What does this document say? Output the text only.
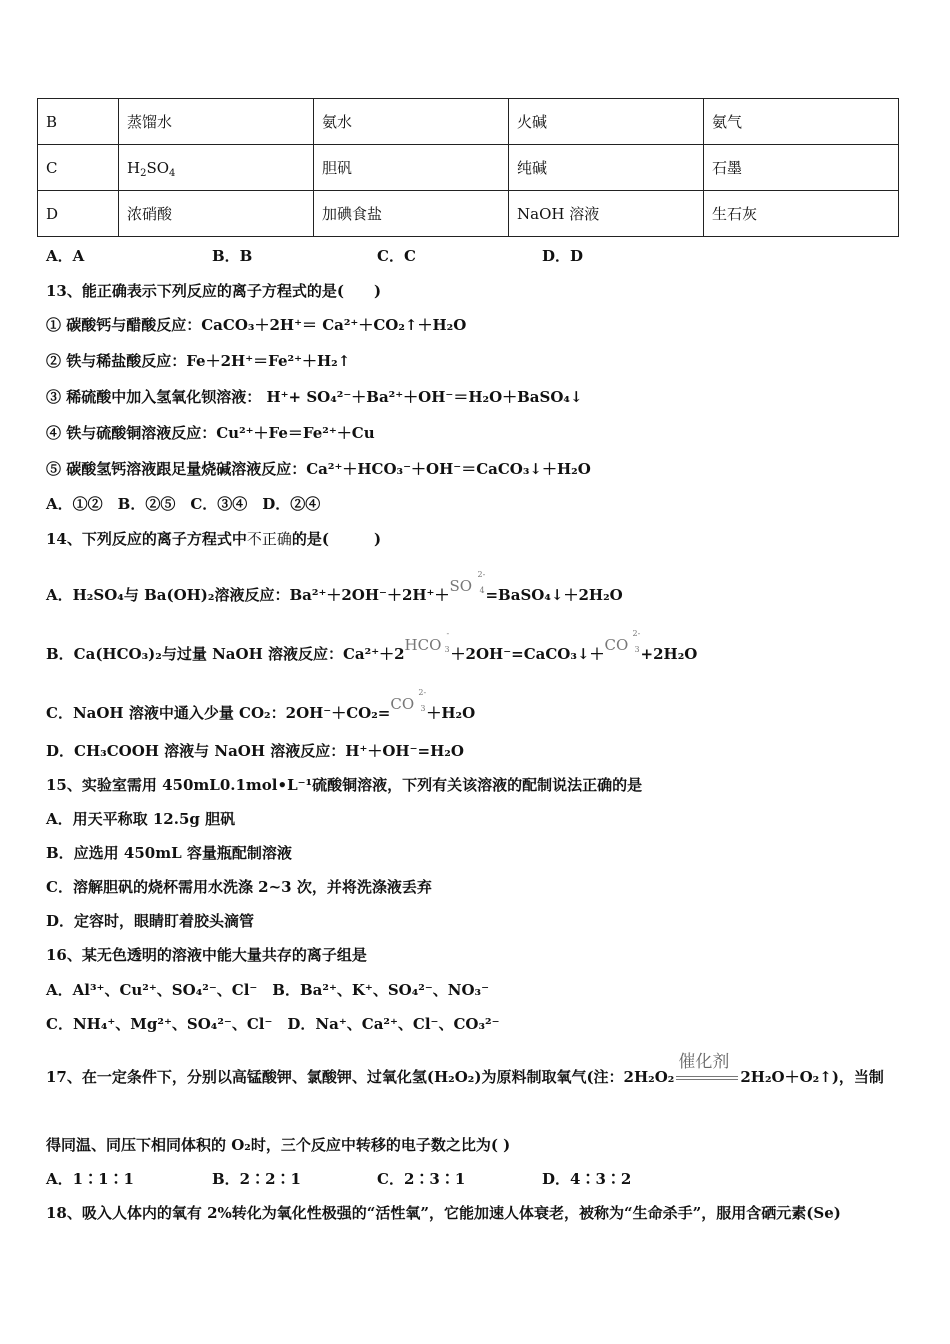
B	蒸馏水	氨水	火碱	氨气
C	$H_2SO_4$	胆矾	纯碱	石墨
D	浓硝酸	加碘食盐	NaOH 溶液	生石灰
A．A	B．B	C．C	D．D
13、能正确表示下列反应的离子方程式的是(　　)
① 碳酸钙与醋酸反应：CaCO₃＋2H⁺＝ Ca²⁺＋CO₂↑＋H₂O
② 铁与稀盐酸反应：Fe＋2H⁺＝Fe²⁺＋H₂↑
③ 稀硫酸中加入氢氧化钡溶液： H⁺+ SO₄²⁻＋Ba²⁺＋OH⁻＝H₂O＋BaSO₄↓
④ 铁与硫酸铜溶液反应：Cu²⁺＋Fe＝Fe²⁺＋Cu
⑤ 碳酸氢钙溶液跟足量烧碱溶液反应：Ca²⁺＋HCO₃⁻＋OH⁻＝CaCO₃↓＋H₂O
A．①②　B．②⑤　C．③④　D．②④
14、下列反应的离子方程式中不正确的是(　　　)
A．H₂SO₄与 Ba(OH)₂溶液反应：Ba²⁺＋2OH⁻＋2H⁺＋ SO
2-
4 =BaSO₄↓＋2H₂O
B．Ca(HCO₃)₂与过量 NaOH 溶液反应：Ca²⁺＋2 HCO
-
3 ＋2OH⁻=CaCO₃↓＋ CO
2-
3 +2H₂O
C．NaOH 溶液中通入少量 CO₂：2OH⁻＋CO₂= CO
2-
3 ＋H₂O
D．CH₃COOH 溶液与 NaOH 溶液反应：H⁺＋OH⁻=H₂O
15、实验室需用 450mL0.1mol•L⁻¹硫酸铜溶液，下列有关该溶液的配制说法正确的是
A．用天平称取 12.5g 胆矾
B．应选用 450mL 容量瓶配制溶液
C．溶解胆矾的烧杯需用水洗涤 2~3 次，并将洗涤液丢弃
D．定容时，眼睛盯着胶头滴管
16、某无色透明的溶液中能大量共存的离子组是
A．Al³⁺、Cu²⁺、SO₄²⁻、Cl⁻　B．Ba²⁺、K⁺、SO₄²⁻、NO₃⁻
C．NH₄⁺、Mg²⁺、SO₄²⁻、Cl⁻　D．Na⁺、Ca²⁺、Cl⁻、CO₃²⁻
17、在一定条件下，分别以高锰酸钾、氯酸钾、过氧化氢(H₂O₂)为原料制取氧气(注：2H₂O₂
催化剂
2H₂O＋O₂↑)，当制
得同温、同压下相同体积的 O₂时，三个反应中转移的电子数之比为( )
A．1∶1∶1	B．2∶2∶1	C．2∶3∶1	D．4∶3∶2
18、吸入人体内的氧有 2%转化为氧化性极强的“活性氧”，它能加速人体衰老，被称为“生命杀手”，服用含硒元素(Se)
